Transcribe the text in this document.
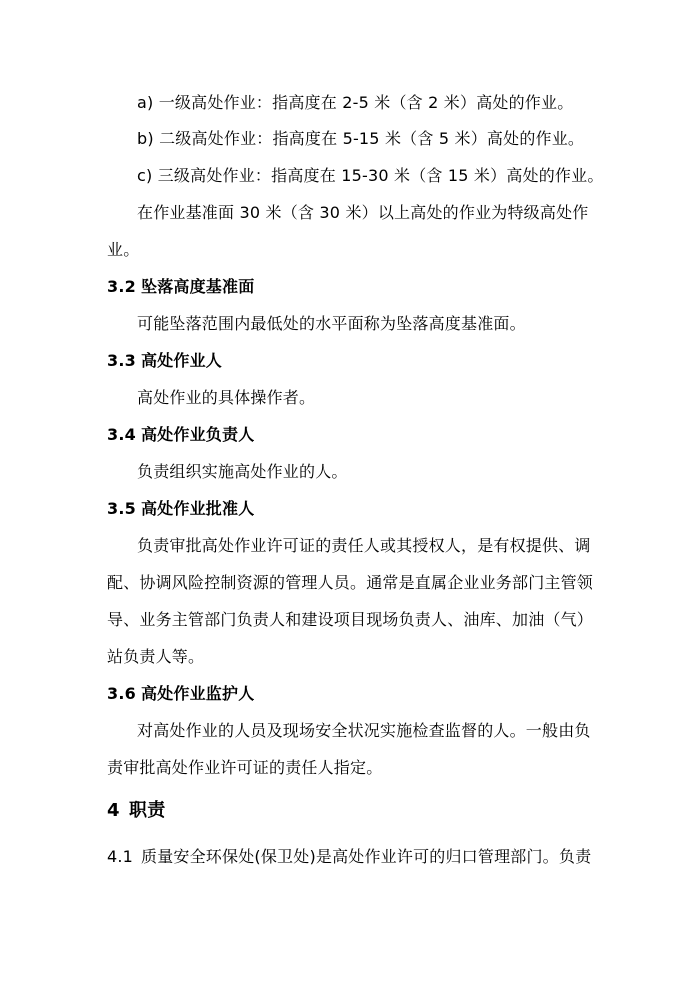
a) 一级高处作业：指高度在 2-5 米（含 2 米）高处的作业。
b) 二级高处作业：指高度在 5-15 米（含 5 米）高处的作业。
c) 三级高处作业：指高度在 15-30 米（含 15 米）高处的作业。
在作业基准面 30 米（含 30 米）以上高处的作业为特级高处作
业。
3.2 坠落高度基准面
可能坠落范围内最低处的水平面称为坠落高度基准面。
3.3 高处作业人
高处作业的具体操作者。
3.4 高处作业负责人
负责组织实施高处作业的人。
3.5 高处作业批准人
负责审批高处作业许可证的责任人或其授权人，是有权提供、调
配、协调风险控制资源的管理人员。通常是直属企业业务部门主管领
导、业务主管部门负责人和建设项目现场负责人、油库、加油（气）
站负责人等。
3.6 高处作业监护人
对高处作业的人员及现场安全状况实施检查监督的人。一般由负
责审批高处作业许可证的责任人指定。
4 职责
4.1 质量安全环保处(保卫处)是高处作业许可的归口管理部门。负责
